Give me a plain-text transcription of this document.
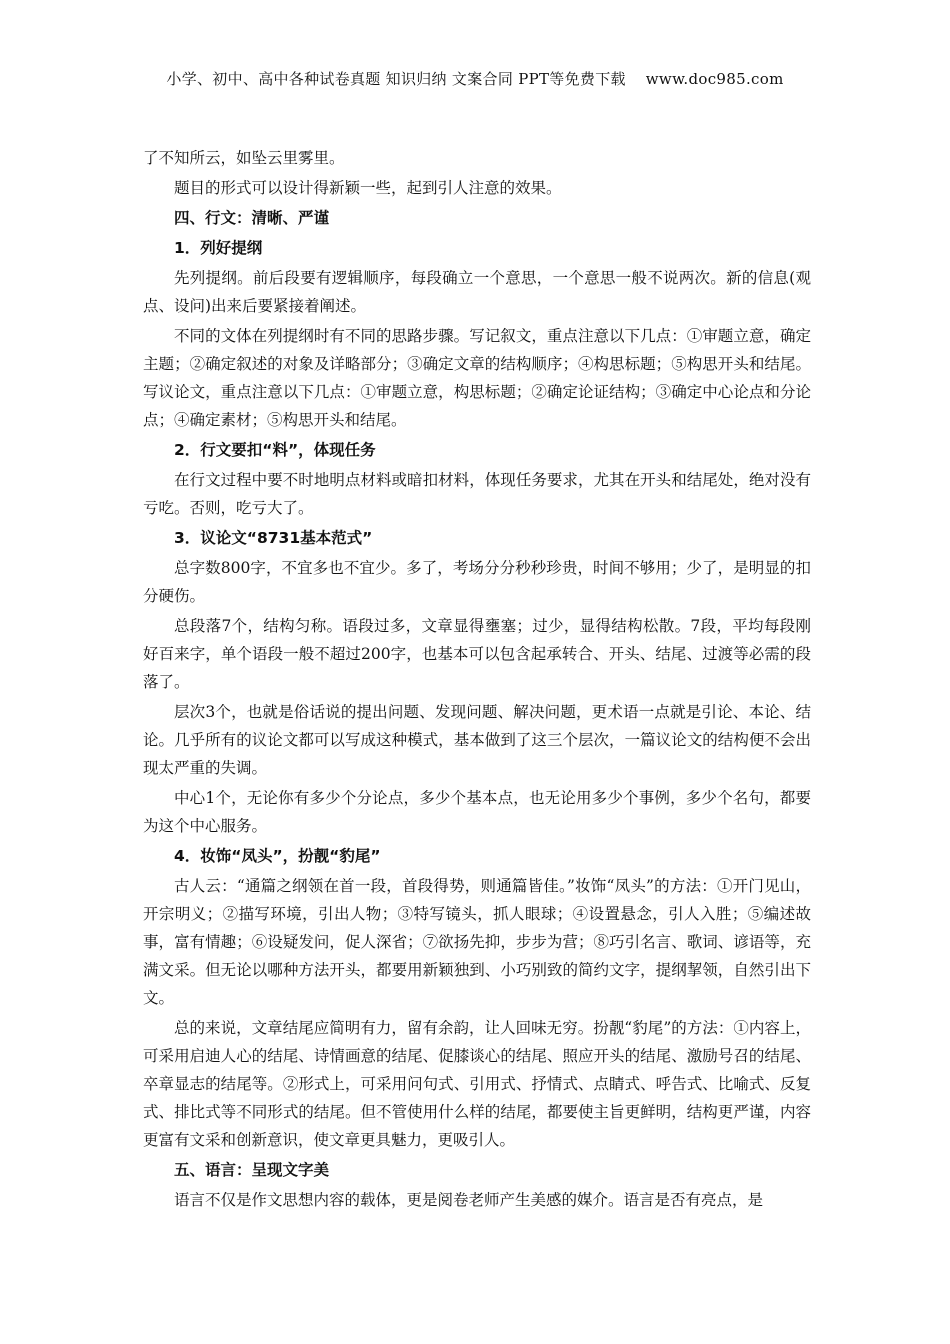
小学、初中、高中各种试卷真题 知识归纳 文案合同 PPT等免费下载 www.doc985.com
了不知所云，如坠云里雾里。
题目的形式可以设计得新颖一些，起到引人注意的效果。
四、行文：清晰、严谨
1．列好提纲
先列提纲。前后段要有逻辑顺序，每段确立一个意思，一个意思一般不说两次。新的信息(观点、设问)出来后要紧接着阐述。
不同的文体在列提纲时有不同的思路步骤。写记叙文，重点注意以下几点：①审题立意，确定主题；②确定叙述的对象及详略部分；③确定文章的结构顺序；④构思标题；⑤构思开头和结尾。写议论文，重点注意以下几点：①审题立意，构思标题；②确定论证结构；③确定中心论点和分论点；④确定素材；⑤构思开头和结尾。
2．行文要扣“料”，体现任务
在行文过程中要不时地明点材料或暗扣材料，体现任务要求，尤其在开头和结尾处，绝对没有亏吃。否则，吃亏大了。
3．议论文“8731基本范式”
总字数800字，不宜多也不宜少。多了，考场分分秒秒珍贵，时间不够用；少了，是明显的扣分硬伤。
总段落7个，结构匀称。语段过多，文章显得壅塞；过少，显得结构松散。7段，平均每段刚好百来字，单个语段一般不超过200字，也基本可以包含起承转合、开头、结尾、过渡等必需的段落了。
层次3个，也就是俗话说的提出问题、发现问题、解决问题，更术语一点就是引论、本论、结论。几乎所有的议论文都可以写成这种模式，基本做到了这三个层次，一篇议论文的结构便不会出现太严重的失调。
中心1个，无论你有多少个分论点，多少个基本点，也无论用多少个事例，多少个名句，都要为这个中心服务。
4．妆饰“凤头”，扮靓“豹尾”
古人云：“通篇之纲领在首一段，首段得势，则通篇皆佳。”妆饰“凤头”的方法：①开门见山，开宗明义；②描写环境，引出人物；③特写镜头，抓人眼球；④设置悬念，引人入胜；⑤编述故事，富有情趣；⑥设疑发问，促人深省；⑦欲扬先抑，步步为营；⑧巧引名言、歌词、谚语等，充满文采。但无论以哪种方法开头，都要用新颖独到、小巧别致的简约文字，提纲挈领，自然引出下文。
总的来说，文章结尾应简明有力，留有余韵，让人回味无穷。扮靓“豹尾”的方法：①内容上，可采用启迪人心的结尾、诗情画意的结尾、促膝谈心的结尾、照应开头的结尾、激励号召的结尾、卒章显志的结尾等。②形式上，可采用问句式、引用式、抒情式、点睛式、呼告式、比喻式、反复式、排比式等不同形式的结尾。但不管使用什么样的结尾，都要使主旨更鲜明，结构更严谨，内容更富有文采和创新意识，使文章更具魅力，更吸引人。
五、语言：呈现文字美
语言不仅是作文思想内容的载体，更是阅卷老师产生美感的媒介。语言是否有亮点，是
